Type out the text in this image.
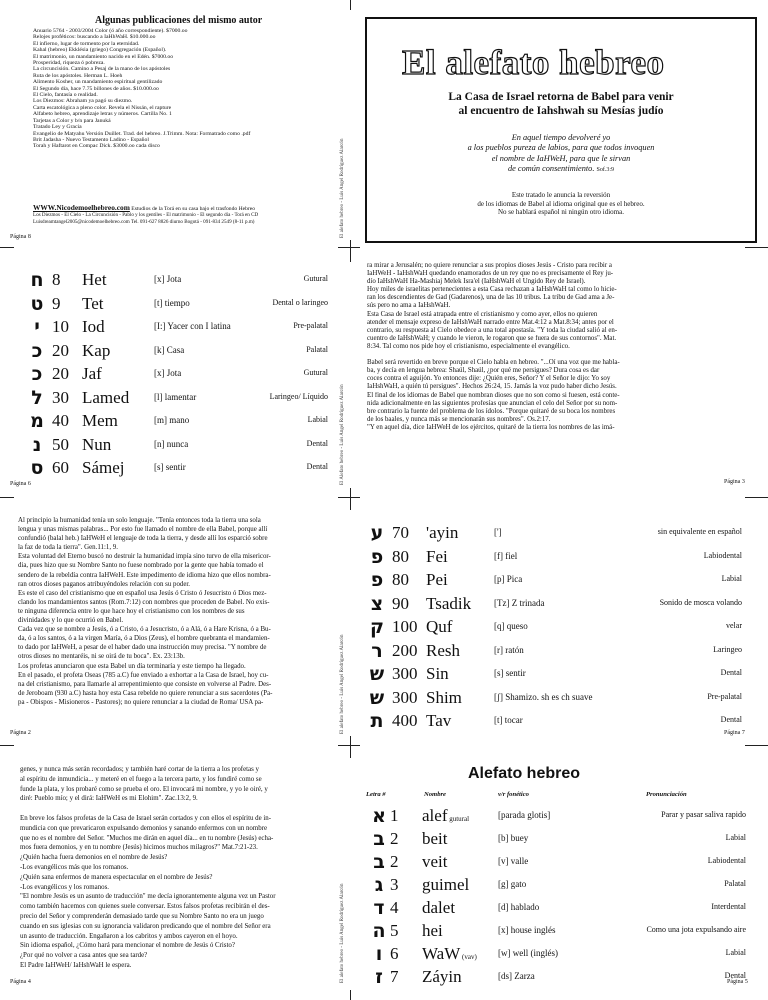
Algunas publicaciones del mismo autor
Anuario 5764 - 2003/2004 Color (ó año correspondiente). $7000.oo
Relojes proféticos: buscando a IaHhWaH. $10.000.oo
El infierno, lugar de tormento por la eternidad.
Kahal (hebreo) Ekklésia (griego) Congregación (Español).
El matrimonio, un mandamiento nacido en el Edén. $7000.oo
Prosperidad, riqueza ó pobreza.
La circuncisión. Camino a Pesaj de la mano de los apóstoles
Ruta de los apóstoles. Herman L. Hoeh
Alimento Kosher, un mandamiento espiritual gentilizado
El Segundo día, hace 7.75 billones de años. $10.000.oo
El Cielo, fantasía o realidad.
Los Diezmos: Abraham ya pagó su diezmo.
Carta escatológica a pleno color. Revela el Nissán, el rapture
Alfabeto hebreo, aprendizaje letras y números. Cartilla No. 1
Tarjetas a Color y b/n para Januká
Tratado Ley y Gracia
Evangelio de Matyahu Versión Duillet. Trad. del hebreo. J.Trimm. Nota: Formatrado como .pdf
Brit Jadasha - Nuevo Testamento Ladino - Español
Torah y Haftarot en Compac Dick. $3000.oo cada disco
WWW.Nicodemoelhebreo.com Estudios de la Torá en su casa bajo el trasfondo Hebreo
Los Diezmos - El Cielo - La Circuncisión - Pablo y los gentiles - El matrimonio - El segundo día - Torá en CD
Luisdreamtangel2005@nicodemoelhebreo.com Tel. 091-627 8826 diurno Bogotá - 091-834 2549 (8-11 p.m)
Página 8	El alefato hebreo - Luis Angel Rodríguez Alarcón
El alefato hebreo
La Casa de Israel retorna de Babel para venir
al encuentro de Iahshwah su Mesías judío
En aquel tiempo devolveré yo
a los pueblos pureza de labios, para que todos invoquen
el nombre de IaHWeH, para que le sirvan
de común consentimiento. Sof.3:9
Este tratado le anuncia la reversión
de los idiomas de Babel al idioma original que es el hebreo.
No se hablará español ni ningún otro idioma.
ח 8 Het	[x] Jota	Gutural
ט 9 Tet	[t] tiempo	Dental o laringeo
י 10 Iod	[I:] Yacer con I latina	Pre-palatal
כ 20 Kap	[k] Casa	Palatal
כ 20 Jaf	[x] Jota	Gutural
ל 30 Lamed	[l] lamentar	Laringeo/ Líquido
מ 40 Mem	[m] mano	Labial
נ 50 Nun	[n] nunca	Dental
ס 60 Sámej	[s] sentir	Dental
Página 6	El Alefato hebreo - Luis Angel Rodríguez Alarcón
ra mirar a Jerusalén; no quiere renunciar a sus propios dioses Jesús - Cristo para recibir a
IaHWeH - IaHshWaH quedando enamorados de un rey que no es precisamente el Rey ju-
dío IaHshWaH Ha-Mashiaj Melek Isra'el (IaHshWaH el Ungido Rey de Israel).
Hoy miles de israelitas pertenecientes a esta Casa rechazan a IaHshWaH tal como lo hicie-
ran los descendientes de Gad (Gadarenos), una de las 10 tribus. La tribu de Gad ama a Je-
sús pero no ama a IaHshWaH.
Esta Casa de Israel está atrapada entre el cristianismo y como ayer, ellos no quieren
atender el mensaje expreso de IaHshWaH narrado entre Mat.4:12 a Mat.8:34; antes por el
contrario, su respuesta al Cielo obedece a una total apostasía. "Y toda la ciudad salió al en-
cuentro de IaHshWaH; y cuando le vieron, le rogaron que se fuera de sus contornos". Mat.
8:34. Tal como nos pide hoy el cristianismo, especialmente el evangélico.

Babel será revertido en breve porque el Cielo habla en hebreo. "...Oí una voz que me habla-
ba, y decía en lengua hebrea: Shaúl, Shaúl, ¿por qué me persigues? Dura cosa es dar
coces contra el aguijón. Yo entonces dije: ¿Quién eres, Señor? Y el Señor le dijo: Yo soy
IaHshWaH, a quién tú persigues". Hechos 26:24, 15. Jamás la voz pudo haber dicho Jesús.
El final de los idiomas de Babel que nombran dioses que no son como si fuesen, está conte-
nida adicionalmente en las siguientes profesías que anuncian el celo del Señor por su nom-
bre contrario la fuente del problema de los ídolos. "Porque quitaré de su boca los nombres
de los baales, y nunca más se mencionarán sus nombres". Os.2:17.
"Y en aquel día, dice IaHWeH de los ejércitos, quitaré de la tierra los nombres de las imá-
Página 3
Al principio la humanidad tenía un solo lenguaje. "Tenía entonces toda la tierra una sola
lengua y unas mismas palabras... Por esto fue llamado el nombre de ella Babel, porque allí
confundió (balal heb.) IaHWeH el lenguaje de toda la tierra, y desde allí los esparció sobre
la faz de toda la tierra". Gen.11:1, 9.
Esta voluntad del Eterno buscó no destruir la humanidad impía sino turvo de ella misericor-
dia, pues hizo que su Nombre Santo no fuese nombrado por la gente que había tomado el
sendero de la rebeldía contra IaHWeH. Este impedimento de idioma hizo que ellos nombra-
ran otros dioses paganos atribuyéndoles relación con su poder.
Es este el caso del cristianismo que en español usa Jesús ó Cristo ó Jesucristo ó Dios mez-
clando los mandamientos santos (Rom.7:12) con nombres que proceden de Babel. No exis-
te ninguna diferencia entre lo que hace hoy el cristianismo con los nombres de sus
divinidades y lo que ocurrió en Babel.
Cada vez que se nombre a Jesús, ó a Cristo, ó a Jesucristo, ó a Alá, ó a Hare Krisna, ó a Bu-
da, ó a los santos, ó a la virgen María, ó a Dios (Zeus), el hombre quebranta el mandamien-
to dado por IaHWeH, a pesar de el haber dado una instrucción muy precisa. "Y nombre de
otros dioses no mentaréis, ni se oirá de tu boca". Ex. 23:13b.
Los profetas anunciaron que esta Babel un día terminaría y este tiempo ha llegado.
En el pasado, el profeta Oseas (785 a.C) fue enviado a exhortar a la Casa de Israel, hoy cu-
na del cristianismo, para llamarle al arrepentimiento que consiste en volverse al Padre. Des-
de Jeroboam (930 a.C) hasta hoy esta Casa rebelde no quiere renunciar a sus sacerdotes (Pa-
pa - Obispos - Misioneros - Pastores); no quiere renunciar a la ciudad de Roma/ USA pa-
Página 2	El alefato hebreo - Luis Angel Rodríguez Alarcón
ע 70 'ayin	[']	sin equivalente en español
פ 80 Fei	[f] fiel	Labiodental
פ 80 Pei	[p] Pica	Labial
צ 90 Tsadik	[Tz] Z trinada	Sonido de mosca volando
ק 100 Quf	[q] queso	velar
ר 200 Resh	[r] ratón	Laringeo
ש 300 Sin	[s] sentir	Dental
ש 300 Shim	[ʃ] Shamizo. sh es ch suave	Pre-palatal
ת 400 Tav	[t] tocar	Dental
Página 7
genes, y nunca más serán recordados; y también haré cortar de la tierra a los profetas y
al espíritu de inmundicia... y meteré en el fuego a la tercera parte, y los fundiré como se
funde la plata, y los probaré como se prueba el oro. El invocará mi nombre, y yo le oiré, y
diré: Pueblo mío; y el dirá: IaHWeH es mi Elohim". Zac.13:2, 9.

En breve los falsos profetas de la Casa de Israel serán cortados y con ellos el espíritu de in-
mundicia con que prevaricaron expulsando demonios y sanando enfermos con un nombre
que no es el nombre del Señor. "Muchos me dirán en aquel día... en tu nombre (Jesús) echa-
mos fuera demonios, y en tu nombre (Jesús) hicimos muchos milagros?" Mat.7:21-23.
¿Quién hacha fuera demonios en el nombre de Jesús?
-Los evangélicos más que los romanos.
¿Quién sana enfermos de manera espectacular en el nombre de Jesús?
-Los evangélicos y los romanos.
"El nombre Jesús es un asunto de traducción" me decía ignorantemente alguna vez un Pastor
como también hacemos con quienes suele conversar. Estos falsos profetas recibirán el des-
precio del Señor y comprenderán demasiado tarde que su Nombre Santo no era un juego
cuando en sus iglesias con su ignorancia validaron predicando que el nombre del Señor era
un asunto de traducción. Engañaron a los cabritos y ambos cayeron en el hoyo.
Sin idioma español, ¿Cómo hará para mencionar el nombre de Jesús ó Cristo?
¿Por qué no volver a casa antes que sea tarde?
El Padre IaHWeH/ IaHshWaH le espera.
Página 4	El alefato hebreo - Luis Angel Rodríguez Alarcón
Alefato hebreo
Letra #	Nombre	v/r fonético	Pronunciación
א 1 alef gutural	[parada glotis]	Parar y pasar saliva rapido
ב 2 beit	[b] buey	Labial
ב 2 veit	[v] valle	Labiodental
ג 3 guimel	[g] gato	Palatal
ד 4 dalet	[d] hablado	Interdental
ה 5 hei	[x] house inglés	Como una jota expulsando aire
ו 6 WaW (vav) [w] well (inglés)	Labial
ז 7 Záyin	[ds] Zarza	Dental
Página 5
